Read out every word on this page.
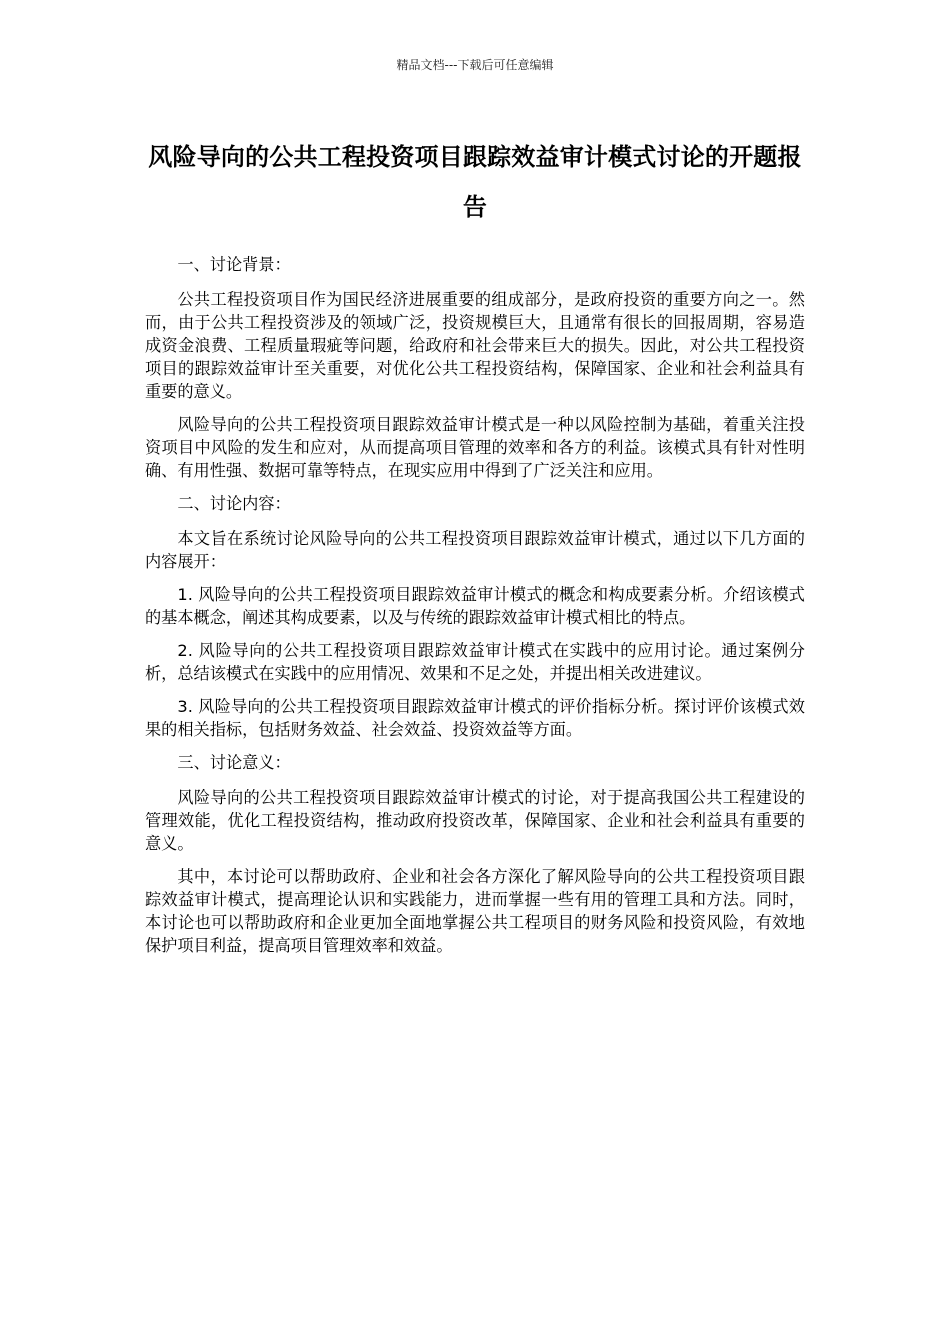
精品文档---下载后可任意编辑
风险导向的公共工程投资项目跟踪效益审计模式讨论的开题报告

一、讨论背景：

公共工程投资项目作为国民经济进展重要的组成部分，是政府投资的重要方向之一。然而，由于公共工程投资涉及的领域广泛，投资规模巨大，且通常有很长的回报周期，容易造成资金浪费、工程质量瑕疵等问题，给政府和社会带来巨大的损失。因此，对公共工程投资项目的跟踪效益审计至关重要，对优化公共工程投资结构，保障国家、企业和社会利益具有重要的意义。

风险导向的公共工程投资项目跟踪效益审计模式是一种以风险控制为基础，着重关注投资项目中风险的发生和应对，从而提高项目管理的效率和各方的利益。该模式具有针对性明确、有用性强、数据可靠等特点，在现实应用中得到了广泛关注和应用。

二、讨论内容：

本文旨在系统讨论风险导向的公共工程投资项目跟踪效益审计模式，通过以下几方面的内容展开：

1. 风险导向的公共工程投资项目跟踪效益审计模式的概念和构成要素分析。介绍该模式的基本概念，阐述其构成要素，以及与传统的跟踪效益审计模式相比的特点。

2. 风险导向的公共工程投资项目跟踪效益审计模式在实践中的应用讨论。通过案例分析，总结该模式在实践中的应用情况、效果和不足之处，并提出相关改进建议。

3. 风险导向的公共工程投资项目跟踪效益审计模式的评价指标分析。探讨评价该模式效果的相关指标，包括财务效益、社会效益、投资效益等方面。

三、讨论意义：

风险导向的公共工程投资项目跟踪效益审计模式的讨论，对于提高我国公共工程建设的管理效能，优化工程投资结构，推动政府投资改革，保障国家、企业和社会利益具有重要的意义。

其中，本讨论可以帮助政府、企业和社会各方深化了解风险导向的公共工程投资项目跟踪效益审计模式，提高理论认识和实践能力，进而掌握一些有用的管理工具和方法。同时，本讨论也可以帮助政府和企业更加全面地掌握公共工程项目的财务风险和投资风险，有效地保护项目利益，提高项目管理效率和效益。
